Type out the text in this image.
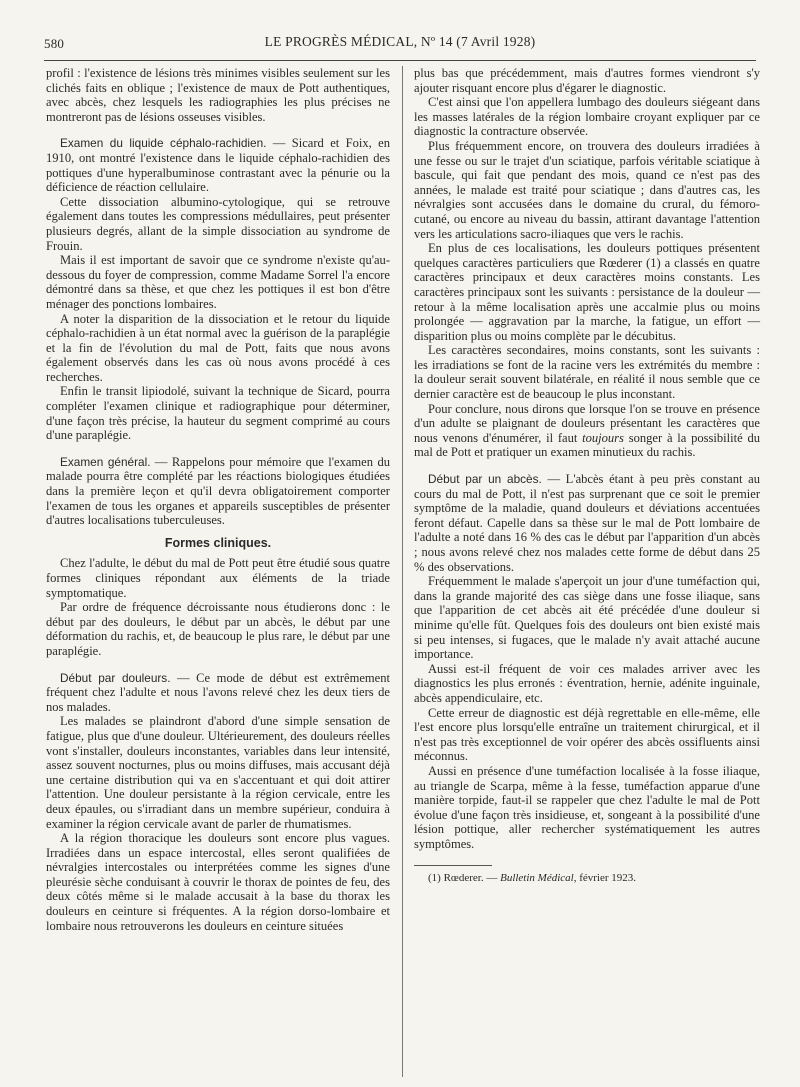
580	LE PROGRÈS MÉDICAL, Nº 14 (7 Avril 1928)

profil : l'existence de lésions très minimes visibles seulement sur les clichés faits en oblique ; l'existence de maux de Pott authentiques, avec abcès, chez lesquels les radiographies les plus précises ne montreront pas de lésions osseuses visibles.

Examen du liquide céphalo-rachidien. — Sicard et Foix, en 1910, ont montré l'existence dans le liquide céphalo-rachidien des pottiques d'une hyperalbuminose contrastant avec la pénurie ou la déficience de réaction cellulaire.

Cette dissociation albumino-cytologique, qui se retrouve également dans toutes les compressions médullaires, peut présenter plusieurs degrés, allant de la simple dissociation au syndrome de Frouin.

Mais il est important de savoir que ce syndrome n'existe qu'au-dessous du foyer de compression, comme Madame Sorrel l'a encore démontré dans sa thèse, et que chez les pottiques il est bon d'être ménager des ponctions lombaires.

A noter la disparition de la dissociation et le retour du liquide céphalo-rachidien à un état normal avec la guérison de la paraplégie et la fin de l'évolution du mal de Pott, faits que nous avons également observés dans les cas où nous avons procédé à ces recherches.

Enfin le transit lipiodolé, suivant la technique de Sicard, pourra compléter l'examen clinique et radiographique pour déterminer, d'une façon très précise, la hauteur du segment comprimé au cours d'une paraplégie.

Examen général. — Rappelons pour mémoire que l'examen du malade pourra être complété par les réactions biologiques étudiées dans la première leçon et qu'il devra obligatoirement comporter l'examen de tous les organes et appareils susceptibles de présenter d'autres localisations tuberculeuses.

Formes cliniques.

Chez l'adulte, le début du mal de Pott peut être étudié sous quatre formes cliniques répondant aux éléments de la triade symptomatique.

Par ordre de fréquence décroissante nous étudierons donc : le début par des douleurs, le début par un abcès, le début par une déformation du rachis, et, de beaucoup le plus rare, le début par une paraplégie.

Début par douleurs. — Ce mode de début est extrêmement fréquent chez l'adulte et nous l'avons relevé chez les deux tiers de nos malades.

Les malades se plaindront d'abord d'une simple sensation de fatigue, plus que d'une douleur. Ultérieurement, des douleurs réelles vont s'installer, douleurs inconstantes, variables dans leur intensité, assez souvent nocturnes, plus ou moins diffuses, mais accusant déjà une certaine distribution qui va en s'accentuant et qui doit attirer l'attention. Une douleur persistante à la région cervicale, entre les deux épaules, ou s'irradiant dans un membre supérieur, conduira à examiner la région cervicale avant de parler de rhumatismes.

A la région thoracique les douleurs sont encore plus vagues. Irradiées dans un espace intercostal, elles seront qualifiées de névralgies intercostales ou interprétées comme les signes d'une pleurésie sèche conduisant à couvrir le thorax de pointes de feu, des deux côtés même si le malade accusait à la base du thorax les douleurs en ceinture si fréquentes. A la région dorso-lombaire et lombaire nous retrouverons les douleurs en ceinture situées

plus bas que précédemment, mais d'autres formes viendront s'y ajouter risquant encore plus d'égarer le diagnostic.

C'est ainsi que l'on appellera lumbago des douleurs siégeant dans les masses latérales de la région lombaire croyant expliquer par ce diagnostic la contracture observée.

Plus fréquemment encore, on trouvera des douleurs irradiées à une fesse ou sur le trajet d'un sciatique, parfois véritable sciatique à bascule, qui fait que pendant des mois, quand ce n'est pas des années, le malade est traité pour sciatique ; dans d'autres cas, les névralgies sont accusées dans le domaine du crural, du fémoro-cutané, ou encore au niveau du bassin, attirant davantage l'attention vers les articulations sacro-iliaques que vers le rachis.

En plus de ces localisations, les douleurs pottiques présentent quelques caractères particuliers que Rœderer (1) a classés en quatre caractères principaux et deux caractères moins constants. Les caractères principaux sont les suivants : persistance de la douleur — retour à la même localisation après une accalmie plus ou moins prolongée — aggravation par la marche, la fatigue, un effort — disparition plus ou moins complète par le décubitus.

Les caractères secondaires, moins constants, sont les suivants : les irradiations se font de la racine vers les extrémités du membre : la douleur serait souvent bilatérale, en réalité il nous semble que ce dernier caractère est de beaucoup le plus inconstant.

Pour conclure, nous dirons que lorsque l'on se trouve en présence d'un adulte se plaignant de douleurs présentant les caractères que nous venons d'énumérer, il faut toujours songer à la possibilité du mal de Pott et pratiquer un examen minutieux du rachis.

Début par un abcès. — L'abcès étant à peu près constant au cours du mal de Pott, il n'est pas surprenant que ce soit le premier symptôme de la maladie, quand douleurs et déviations accentuées feront défaut. Capelle dans sa thèse sur le mal de Pott lombaire de l'adulte a noté dans 16 % des cas le début par l'apparition d'un abcès ; nous avons relevé chez nos malades cette forme de début dans 25 % des observations.

Fréquemment le malade s'aperçoit un jour d'une tuméfaction qui, dans la grande majorité des cas siège dans une fosse iliaque, sans que l'apparition de cet abcès ait été précédée d'une douleur si minime qu'elle fût. Quelques fois des douleurs ont bien existé mais si peu intenses, si fugaces, que le malade n'y avait attaché aucune importance.

Aussi est-il fréquent de voir ces malades arriver avec les diagnostics les plus erronés : éventration, hernie, adénite inguinale, abcès appendiculaire, etc.

Cette erreur de diagnostic est déjà regrettable en elle-même, elle l'est encore plus lorsqu'elle entraîne un traitement chirurgical, et il n'est pas très exceptionnel de voir opérer des abcès ossifluents ainsi méconnus.

Aussi en présence d'une tuméfaction localisée à la fosse iliaque, au triangle de Scarpa, même à la fesse, tuméfaction apparue d'une manière torpide, faut-il se rappeler que chez l'adulte le mal de Pott évolue d'une façon très insidieuse, et, songeant à la possibilité d'une lésion pottique, aller rechercher systématiquement les autres symptômes.

(1) Rœderer. — Bulletin Médical, février 1923.
